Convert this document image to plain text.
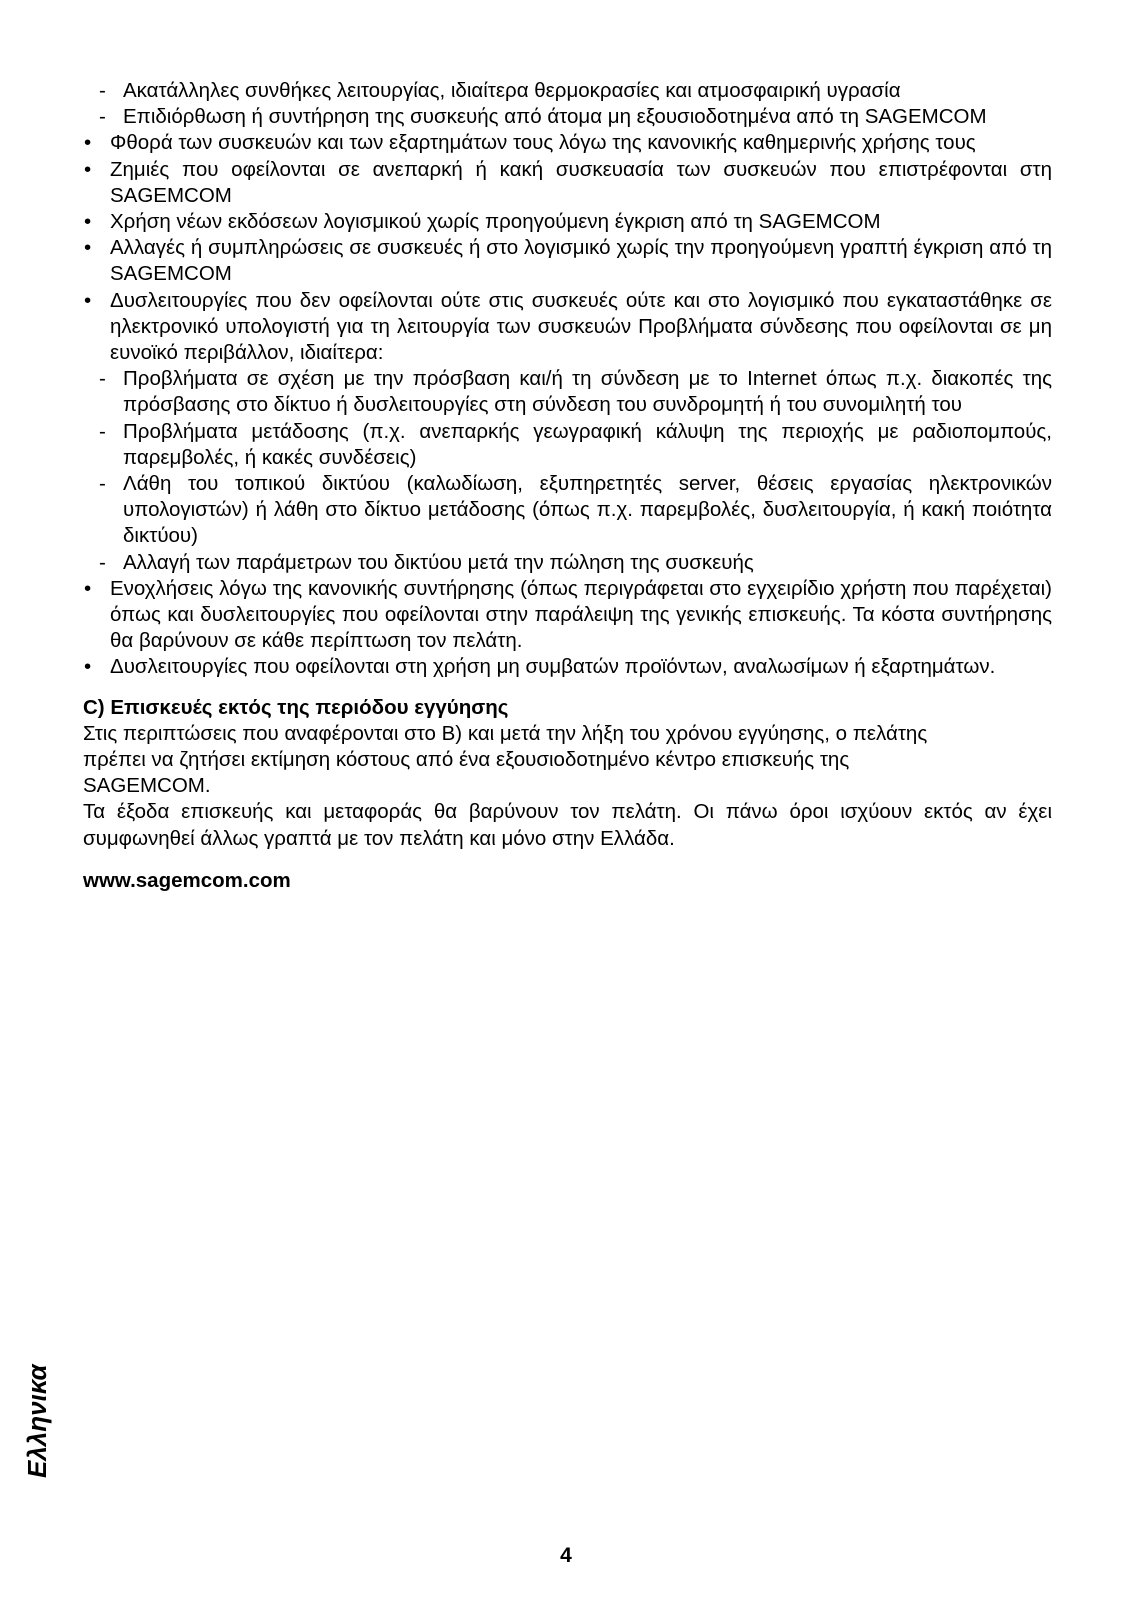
- Ακατάλληλες συνθήκες λειτουργίας, ιδιαίτερα θερμοκρασίες και ατμοσφαιρική υγρασία
- Επιδιόρθωση ή συντήρηση της συσκευής από άτομα μη εξουσιοδοτημένα από τη SAGEMCOM
• Φθορά των συσκευών και των εξαρτημάτων τους λόγω της κανονικής καθημερινής χρήσης τους
• Ζημιές που οφείλονται σε ανεπαρκή ή κακή συσκευασία των συσκευών που επιστρέφονται στη SAGEMCOM
• Χρήση νέων εκδόσεων λογισμικού χωρίς προηγούμενη έγκριση από τη SAGEMCOM
• Αλλαγές ή συμπληρώσεις σε συσκευές ή στο λογισμικό χωρίς την προηγούμενη γραπτή έγκριση από τη SAGEMCOM
• Δυσλειτουργίες που δεν οφείλονται ούτε στις συσκευές ούτε και στο λογισμικό που εγκαταστάθηκε σε ηλεκτρονικό υπολογιστή για τη λειτουργία των συσκευών Προβλήματα σύνδεσης που οφείλονται σε μη ευνοϊκό περιβάλλον, ιδιαίτερα:
- Προβλήματα σε σχέση με την πρόσβαση και/ή τη σύνδεση με το Internet όπως π.χ. διακοπές της πρόσβασης στο δίκτυο ή δυσλειτουργίες στη σύνδεση του συνδρομητή ή του συνομιλητή του
- Προβλήματα μετάδοσης (π.χ. ανεπαρκής γεωγραφική κάλυψη της περιοχής με ραδιοπομπούς, παρεμβολές, ή κακές συνδέσεις)
- Λάθη του τοπικού δικτύου (καλωδίωση, εξυπηρετητές server, θέσεις εργασίας ηλεκτρονικών υπολογιστών) ή λάθη στο δίκτυο μετάδοσης (όπως π.χ. παρεμβολές, δυσλειτουργία, ή κακή ποιότητα δικτύου)
- Αλλαγή των παράμετρων του δικτύου μετά την πώληση της συσκευής
• Ενοχλήσεις λόγω της κανονικής συντήρησης (όπως περιγράφεται στο εγχειρίδιο χρήστη που παρέχεται) όπως και δυσλειτουργίες που οφείλονται στην παράλειψη της γενικής επισκευής. Τα κόστα συντήρησης θα βαρύνουν σε κάθε περίπτωση τον πελάτη.
• Δυσλειτουργίες που οφείλονται στη χρήση μη συμβατών προϊόντων, αναλωσίμων ή εξαρτημάτων.
C) Επισκευές εκτός της περιόδου εγγύησης

Στις περιπτώσεις που αναφέρονται στο Β) και μετά την λήξη του χρόνου εγγύησης, ο πελάτης
πρέπει να ζητήσει εκτίμηση κόστους από ένα εξουσιοδοτημένο κέντρο επισκευής της
SAGEMCOM.

Τα έξοδα επισκευής και μεταφοράς θα βαρύνουν τον πελάτη. Οι πάνω όροι ισχύουν εκτός αν έχει συμφωνηθεί άλλως γραπτά με τον πελάτη και μόνο στην Ελλάδα.

www.sagemcom.com
Ελληνικα
4
